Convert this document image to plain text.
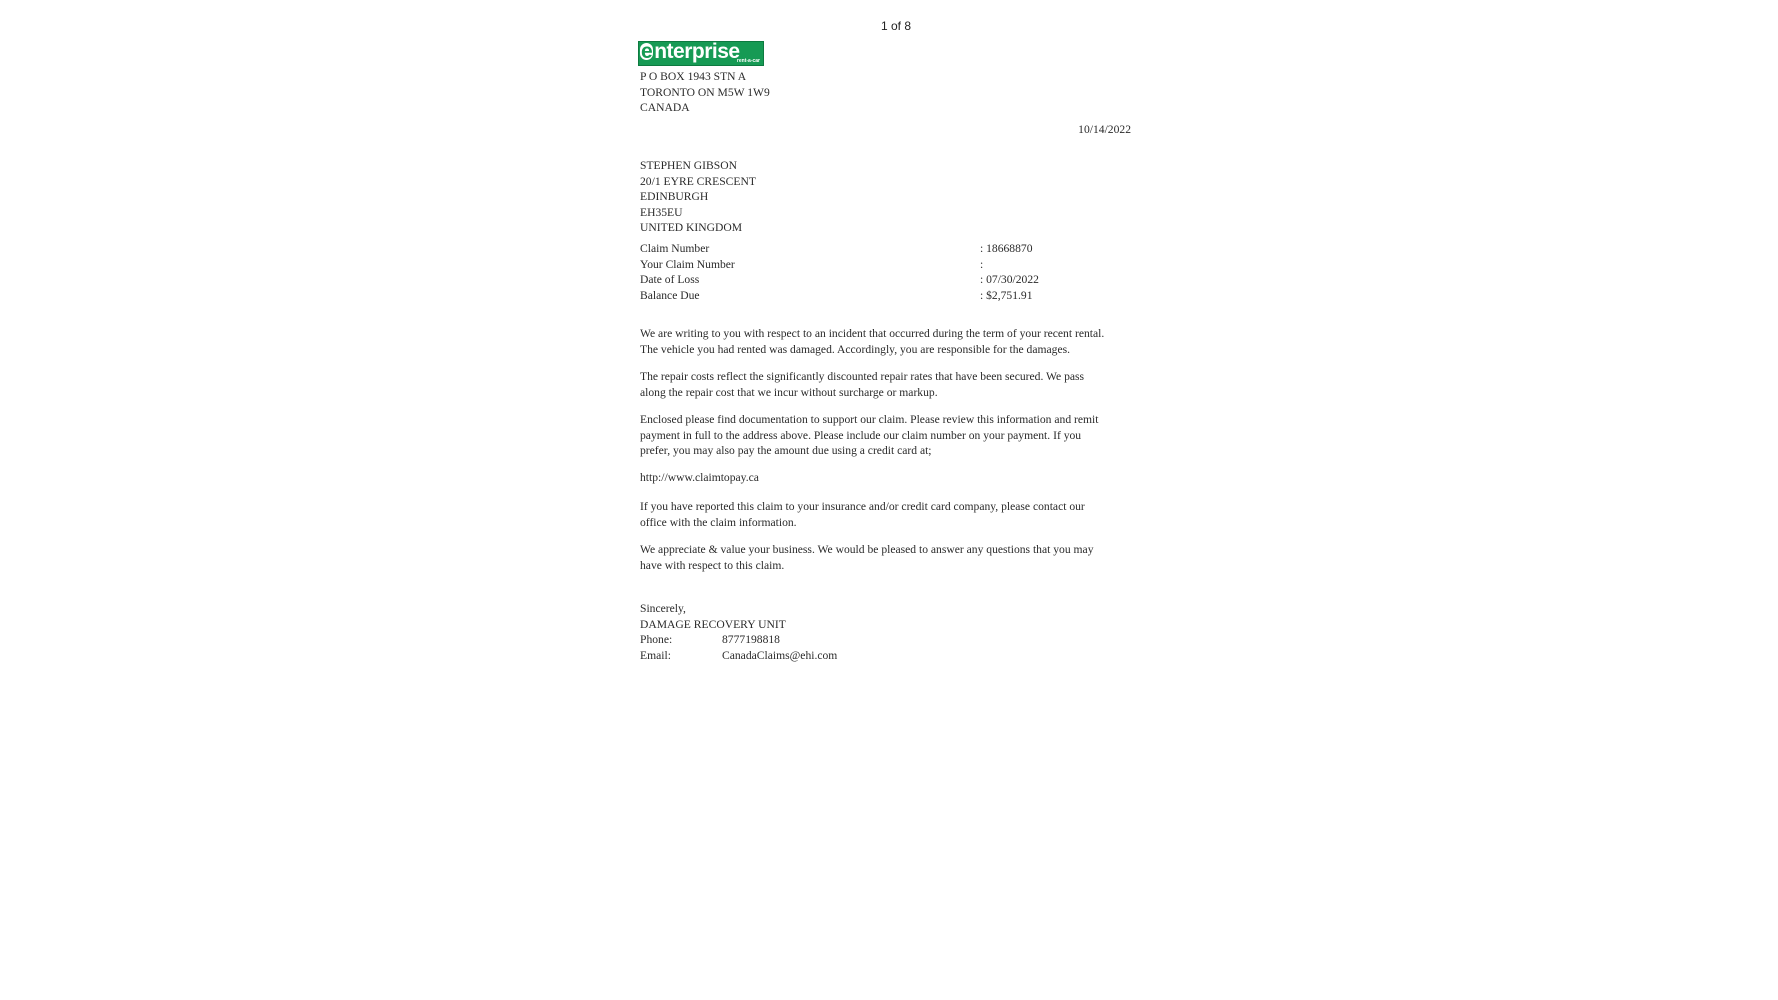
1 of 8
enterprise
rent-a-car
P O BOX 1943 STN A
TORONTO ON M5W 1W9
CANADA
10/14/2022
STEPHEN GIBSON
20/1 EYRE CRESCENT
EDINBURGH
EH35EU
UNITED KINGDOM
Claim Number	: 18668870
Your Claim Number	:
Date of Loss	: 07/30/2022
Balance Due	: $2,751.91
We are writing to you with respect to an incident that occurred during the term of your recent rental.
The vehicle you had rented was damaged. Accordingly, you are responsible for the damages.
The repair costs reflect the significantly discounted repair rates that have been secured. We pass
along the repair cost that we incur without surcharge or markup.
Enclosed please find documentation to support our claim. Please review this information and remit
payment in full to the address above. Please include our claim number on your payment. If you
prefer, you may also pay the amount due using a credit card at;
http://www.claimtopay.ca
If you have reported this claim to your insurance and/or credit card company, please contact our
office with the claim information.
We appreciate & value your business. We would be pleased to answer any questions that you may
have with respect to this claim.
Sincerely,
DAMAGE RECOVERY UNIT
Phone:	8777198818
Email:	CanadaClaims@ehi.com
